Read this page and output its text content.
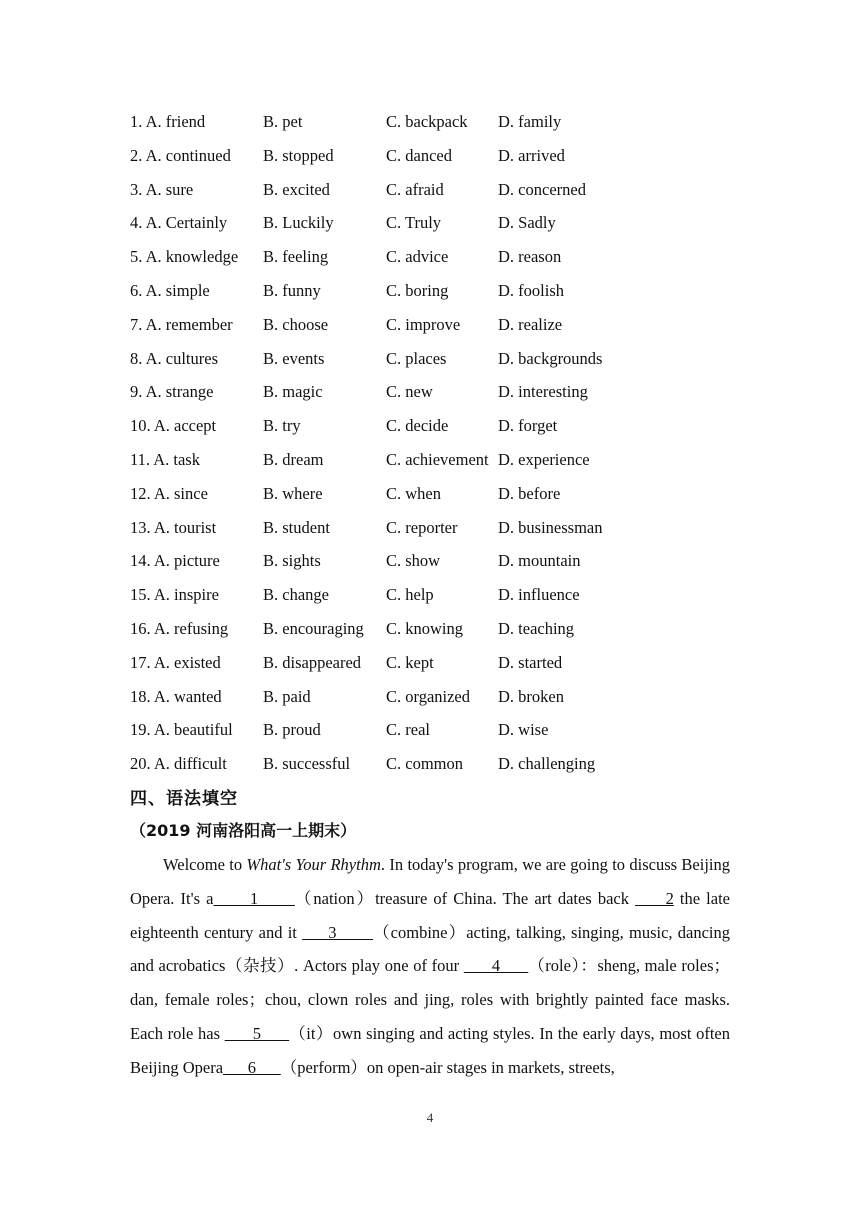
1. A. friend	B. pet	C. backpack	D. family
2. A. continued	B. stopped	C. danced	D. arrived
3. A. sure	B. excited	C. afraid	D. concerned
4. A. Certainly	B. Luckily	C. Truly	D. Sadly
5. A. knowledge	B. feeling	C. advice	D. reason
6. A. simple	B. funny	C. boring	D. foolish
7. A. remember	B. choose	C. improve	D. realize
8. A. cultures	B. events	C. places	D. backgrounds
9. A. strange	B. magic	C. new	D. interesting
10. A. accept	B. try	C. decide	D. forget
11. A. task	B. dream	C. achievement D. experience
12. A. since	B. where	C. when	D. before
13. A. tourist	B. student	C. reporter	D. businessman
14. A. picture	B. sights	C. show	D. mountain
15. A. inspire	B. change	C. help	D. influence
16. A. refusing	B. encouraging	C. knowing	D. teaching
17. A. existed	B. disappeared	C. kept	D. started
18. A. wanted	B. paid	C. organized	D. broken
19. A. beautiful	B. proud	C. real	D. wise
20. A. difficult	B. successful	C. common	D. challenging
四、语法填空
（2019 河南洛阳高一上期末）

Welcome to What's Your Rhythm. In today's program, we are going to discuss Beijing Opera. It's a      1      （nation）treasure of China. The art dates back      2 the late eighteenth century and it      3       （combine）acting, talking, singing, music, dancing and acrobatics（杂技）. Actors play one of four       4      （role）：sheng, male roles；dan, female roles；chou, clown roles and jing, roles with brightly painted face masks. Each role has       5      （it）own singing and acting styles. In the early days, most often Beijing Opera      6      （perform）on open-air stages in markets, streets,

4
